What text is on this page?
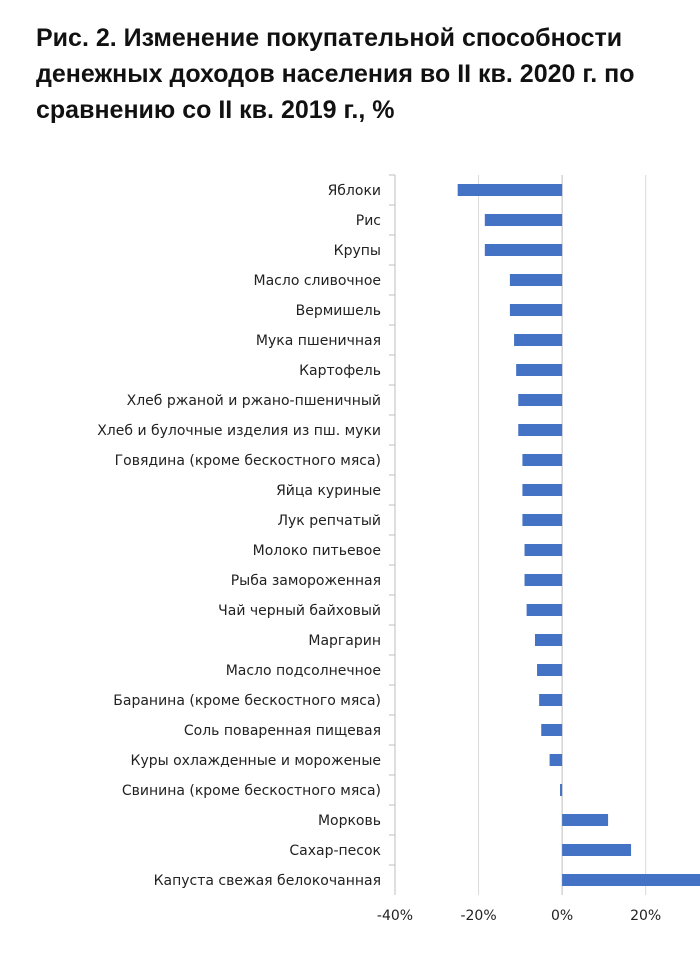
Рис. 2. Изменение покупательной способности денежных доходов населения во II кв. 2020 г. по сравнению со II кв. 2019 г., %
Яблоки
Рис
Крупы
Масло сливочное
Вермишель
Мука пшеничная
Картофель
Хлеб ржаной и ржано-пшеничный
Хлеб и булочные изделия из пш. муки
Говядина (кроме бескостного мяса)
Яйца куриные
Лук репчатый
Молоко питьевое
Рыба замороженная
Чай черный байховый
Маргарин
Масло подсолнечное
Баранина (кроме бескостного мяса)
Соль поваренная пищевая
Куры охлажденные и мороженые
Свинина (кроме бескостного мяса)
Морковь
Сахар-песок
Капуста свежая белокочанная
-40%	-20%	0%	20%
